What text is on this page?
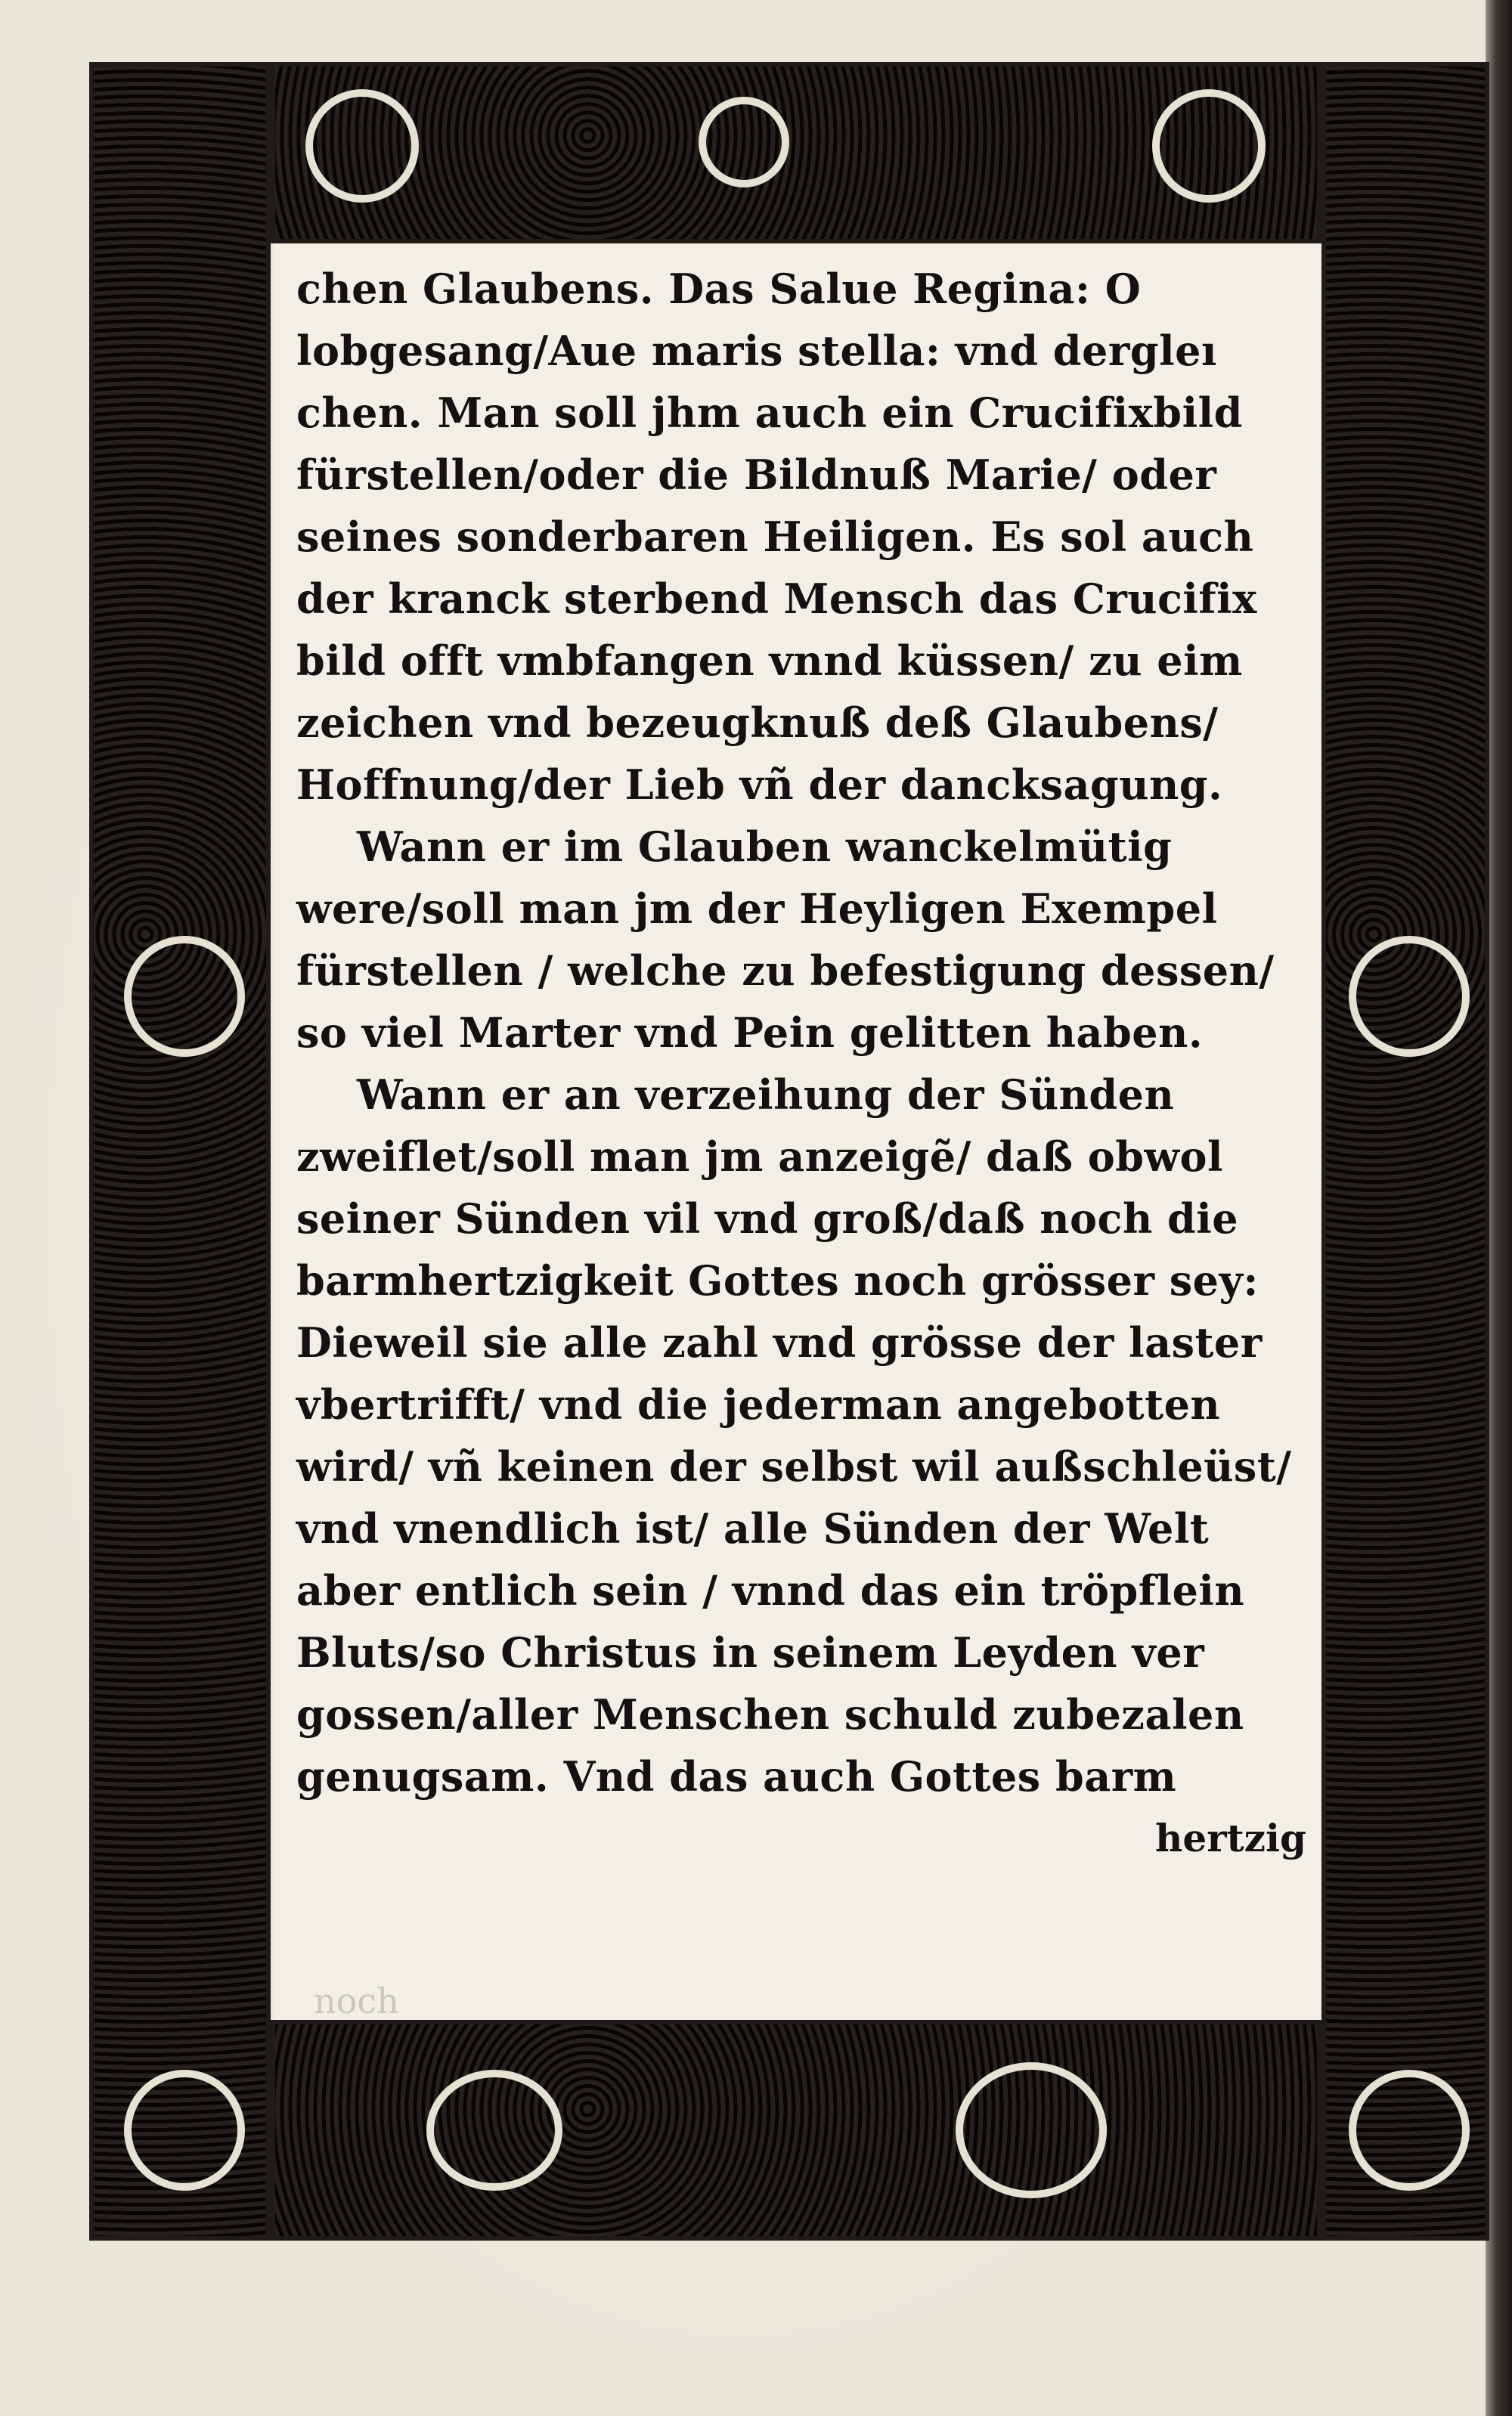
chen Glaubens. Das Salue Regina: O
lobgesang/Aue maris stella: vnd dergleı
chen. Man soll jhm auch ein Crucifixbild
fürstellen/oder die Bildnuß Marie/ oder
seines sonderbaren Heiligen. Es sol auch
der kranck sterbend Mensch das Crucifix
bild offt vmbfangen vnnd küssen/ zu eim
zeichen vnd bezeugknuß deß Glaubens/
Hoffnung/der Lieb vñ der dancksagung.
Wann er im Glauben wanckelmütig
were/soll man jm der Heyligen Exempel
fürstellen / welche zu befestigung dessen/
so viel Marter vnd Pein gelitten haben.
Wann er an verzeihung der Sünden
zweiflet/soll man jm anzeigẽ/ daß obwol
seiner Sünden vil vnd groß/daß noch die
barmhertzigkeit Gottes noch grösser sey:
Dieweil sie alle zahl vnd grösse der laster
vbertrifft/ vnd die jederman angebotten
wird/ vñ keinen der selbst wil außschleüst/
vnd vnendlich ist/ alle Sünden der Welt
aber entlich sein / vnnd das ein tröpflein
Bluts/so Christus in seinem Leyden ver
gossen/aller Menschen schuld zubezalen
genugsam. Vnd das auch Gottes barm
hertzig
noch
